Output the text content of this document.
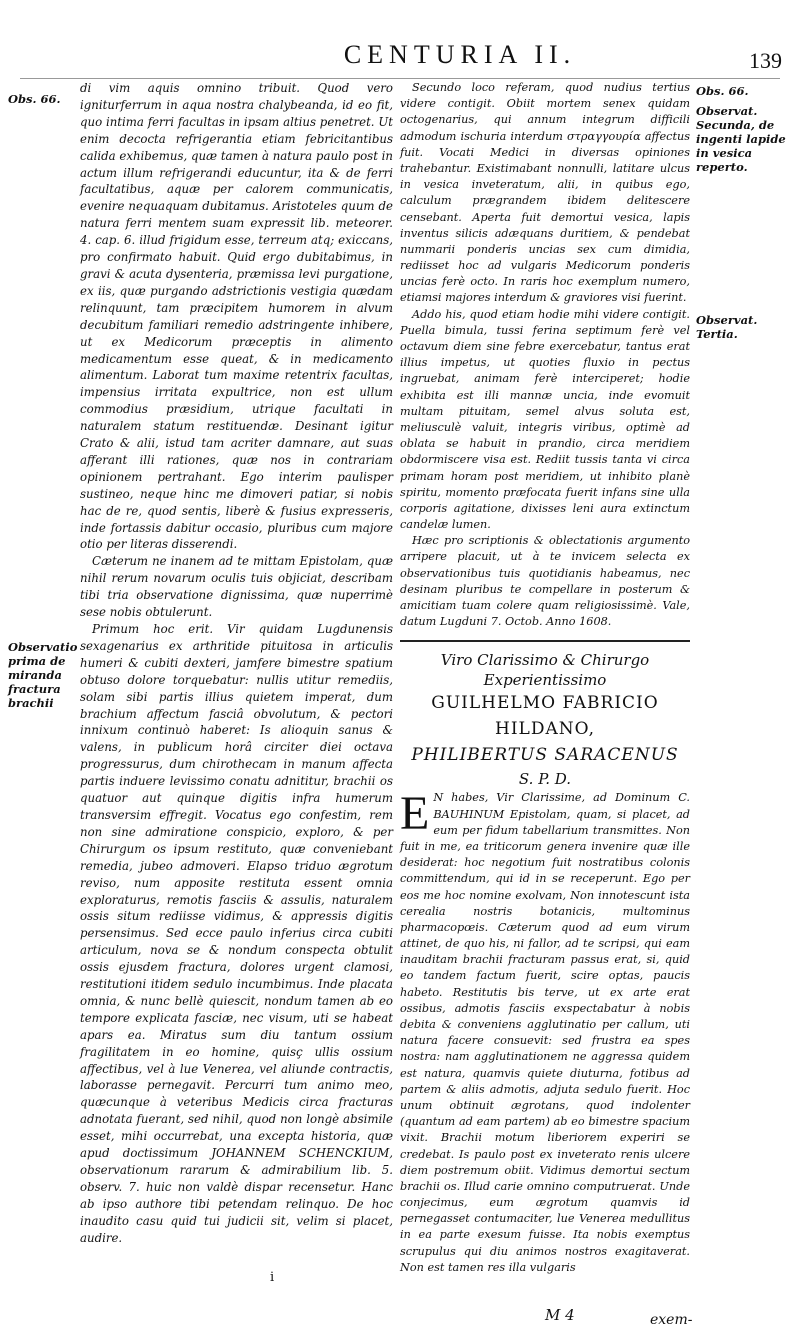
CENTURIA II.	139
Obs. 66.
Obs. 66.
Observat. Secunda, de ingenti lapide in vesica reperto.
Observat. Tertia.
Observatio prima de miranda fractura brachii

di vim aquis omnino tribuit. Quod vero igniturferrum in aqua nostra chalybeanda, id eo fit, quo intima ferri facultas in ipsam altius penetret. Ut enim decocta refrigerantia etiam febricitantibus calida exhibemus, quæ tamen à natura paulo post in actum illum refrigerandi educuntur, ita & de ferri facultatibus, aquæ per calorem communicatis, evenire nequaquam dubitamus. Aristoteles quum de natura ferri mentem suam expressit lib. meteorer. 4. cap. 6. illud frigidum esse, terreum atq; exiccans, pro confirmato habuit. Quid ergo dubitabimus, in gravi & acuta dysenteria, præmissa levi purgatione, ex iis, quæ purgando adstrictionis vestigia quædam relinquunt, tam præcipitem humorem in alvum decubitum familiari remedio adstringente inhibere, ut ex Medicorum præceptis in alimento medicamentum esse queat, & in medicamento alimentum. Laborat tum maxime retentrix facultas, impensius irritata expultrice, non est ullum commodius præsidium, utrique facultati in naturalem statum restituendæ. Desinant igitur Crato & alii, istud tam acriter damnare, aut suas afferant illi rationes, quæ nos in contrariam opinionem pertrahant. Ego interim paulisper sustineo, neque hinc me dimoveri patiar, si nobis hac de re, quod sentis, liberè & fusius expresseris, inde fortassis dabitur occasio, pluribus cum majore otio per literas disserendi.

Cæterum ne inanem ad te mittam Epistolam, quæ nihil rerum novarum oculis tuis objiciat, describam tibi tria observatione dignissima, quæ nuperrimè sese nobis obtulerunt.

Primum hoc erit. Vir quidam Lugdunensis sexagenarius ex arthritide pituitosa in articulis humeri & cubiti dexteri, jamfere bimestre spatium obtuso dolore torquebatur: nullis utitur remediis, solam sibi partis illius quietem imperat, dum brachium affectum fasciâ obvolutum, & pectori innixum continuò haberet: Is alioquin sanus & valens, in publicum horâ circiter diei octava progressurus, dum chirothecam in manum affecta partis induere levissimo conatu adnititur, brachii os quatuor aut quinque digitis infra humerum transversim effregit. Vocatus ego confestim, rem non sine admiratione conspicio, exploro, & per Chirurgum os ipsum restituto, quæ conveniebant remedia, jubeo admoveri. Elapso triduo ægrotum reviso, num apposite restituta essent omnia exploraturus, remotis fasciis & assulis, naturalem ossis situm rediisse vidimus, & appressis digitis persensimus. Sed ecce paulo inferius circa cubiti articulum, nova se & nondum conspecta obtulit ossis ejusdem fractura, dolores urgent clamosi, restitutioni itidem sedulo incumbimus. Inde placata omnia, & nunc bellè quiescit, nondum tamen ab eo tempore explicata fasciæ, nec visum, uti se habeat apars ea. Miratus sum diu tantum ossium fragilitatem in eo homine, quisç ullis ossium affectibus, vel à lue Venerea, vel aliunde contractis, laborasse pernegavit. Percurri tum animo meo, quæcunque à veteribus Medicis circa fracturas adnotata fuerant, sed nihil, quod non longè absimile esset, mihi occurrebat, una excepta historia, quæ apud doctissimum JOHANNEM SCHENCKIUM, observationum rararum & admirabilium lib. 5. observ. 7. huic non valdè dispar recensetur. Hanc ab ipso authore tibi petendam relinquo. De hoc inaudito casu quid tui judicii sit, velim si placet, audire.

Secundo loco referam, quod nudius tertius videre contigit. Obiit mortem senex quidam octogenarius, qui annum integrum difficili admodum ischuria interdum στραγγουρία affectus fuit. Vocati Medici in diversas opiniones trahebantur. Existimabant nonnulli, latitare ulcus in vesica inveteratum, alii, in quibus ego, calculum prægrandem ibidem delitescere censebant. Aperta fuit demortui vesica, lapis inventus silicis adæquans duritiem, & pendebat nummarii ponderis uncias sex cum dimidia, rediisset hoc ad vulgaris Medicorum ponderis uncias ferè octo. In raris hoc exemplum numero, etiamsi majores interdum & graviores visi fuerint.

Addo his, quod etiam hodie mihi videre contigit. Puella bimula, tussi ferina septimum ferè vel octavum diem sine febre exercebatur, tantus erat illius impetus, ut quoties fluxio in pectus ingruebat, animam ferè interciperet; hodie exhibita est illi mannæ uncia, inde evomuit multam pituitam, semel alvus soluta est, meliusculè valuit, integris viribus, optimè ad oblata se habuit in prandio, circa meridiem obdormiscere visa est. Rediit tussis tanta vi circa primam horam post meridiem, ut inhibito planè spiritu, momento præfocata fuerit infans sine ulla corporis agitatione, dixisses leni aura extinctum candelæ lumen.

Hæc pro scriptionis & oblectationis argumento arripere placuit, ut à te invicem selecta ex observationibus tuis quotidianis habeamus, nec desinam pluribus te compellare in posterum & amicitiam tuam colere quam religiosissimè. Vale, datum Lugduni 7. Octob. Anno 1608.

Viro Clarissimo & Chirurgo Experientissimo
GUILHELMO FABRICIO HILDANO,
PHILIBERTUS SARACENUS
S. P. D.

E N habes, Vir Clarissime, ad Dominum C. BAUHINUM Epistolam, quam, si placet, ad eum per fidum tabellarium transmittes. Non fuit in me, ea triticorum genera invenire quæ ille desiderat: hoc negotium fuit nostratibus colonis committendum, qui id in se receperunt. Ego per eos me hoc nomine exolvam, Non innotescunt ista cerealia nostris botanicis, multominus pharmacopœis. Cæterum quod ad eum virum attinet, de quo his, ni fallor, ad te scripsi, qui eam inauditam brachii fracturam passus erat, si, quid eo tandem factum fuerit, scire optas, paucis habeto. Restitutis bis terve, ut ex arte erat ossibus, admotis fasciis exspectabatur à nobis debita & conveniens agglutinatio per callum, uti natura facere consuevit: sed frustra ea spes nostra: nam agglutinationem ne aggressa quidem est natura, quamvis quiete diuturna, fotibus ad partem & aliis admotis, adjuta sedulo fuerit. Hoc unum obtinuit ægrotans, quod indolenter (quantum ad eam partem) ab eo bimestre spacium vixit. Brachii motum liberiorem experiri se credebat. Is paulo post ex inveterato renis ulcere diem postremum obiit. Vidimus demortui sectum brachii os. Illud carie omnino computruerat. Unde conjecimus, eum ægrotum quamvis id pernegasset contumaciter, lue Venerea medullitus in ea parte exesum fuisse. Ita nobis exemptus scrupulus qui diu animos nostros exagitaverat. Non est tamen res illa vulgaris

i
M 4	exem-
